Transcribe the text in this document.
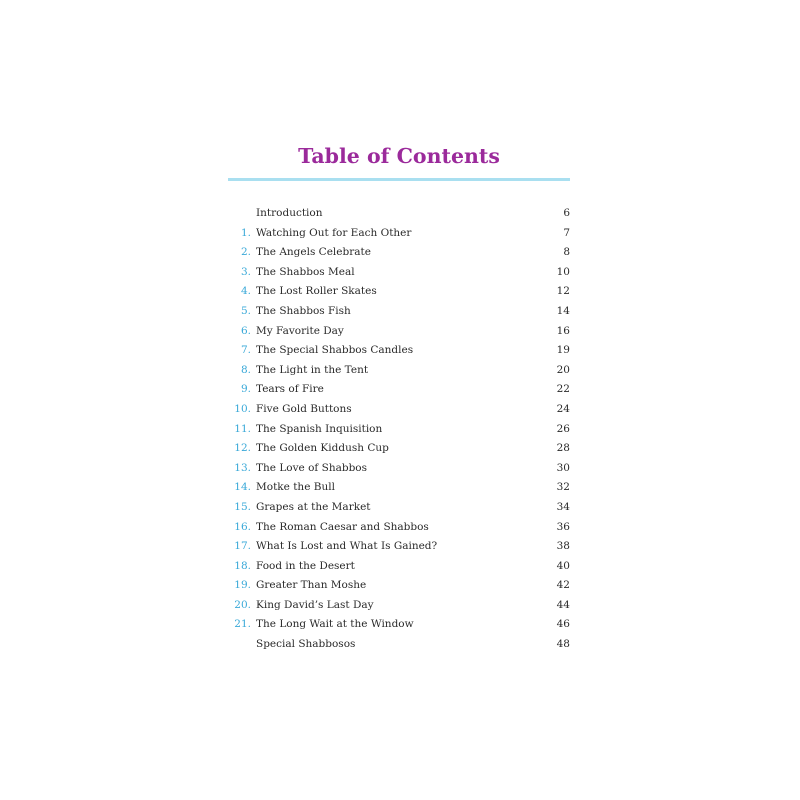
Table of Contents
Introduction	6
1. Watching Out for Each Other	7
2. The Angels Celebrate	8
3. The Shabbos Meal	10
4. The Lost Roller Skates	12
5. The Shabbos Fish	14
6. My Favorite Day	16
7. The Special Shabbos Candles	19
8. The Light in the Tent	20
9. Tears of Fire	22
10. Five Gold Buttons	24
11. The Spanish Inquisition	26
12. The Golden Kiddush Cup	28
13. The Love of Shabbos	30
14. Motke the Bull	32
15. Grapes at the Market	34
16. The Roman Caesar and Shabbos	36
17. What Is Lost and What Is Gained?	38
18. Food in the Desert	40
19. Greater Than Moshe	42
20. King David’s Last Day	44
21. The Long Wait at the Window	46
Special Shabbosos	48
